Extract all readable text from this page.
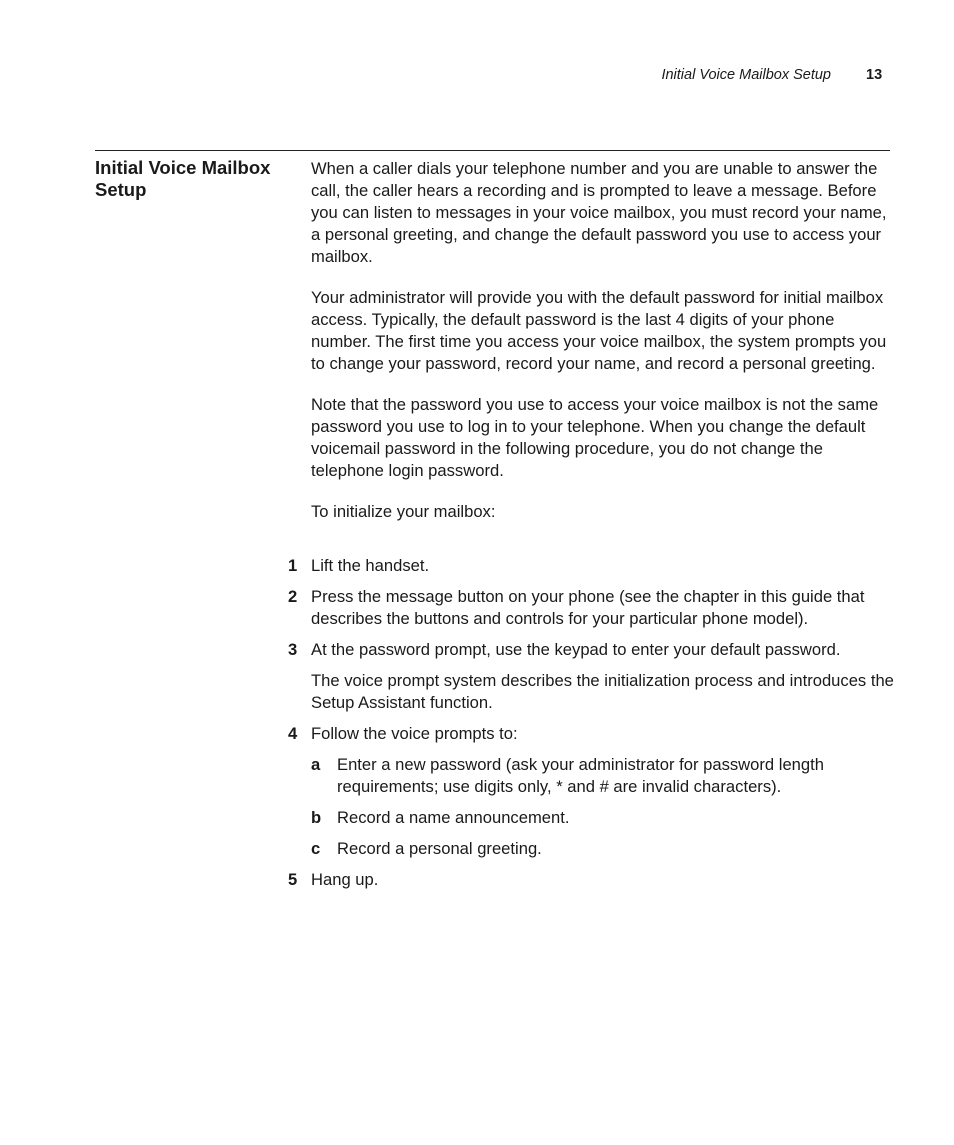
Initial Voice Mailbox Setup 13
Initial Voice Mailbox Setup

When a caller dials your telephone number and you are unable to answer the call, the caller hears a recording and is prompted to leave a message. Before you can listen to messages in your voice mailbox, you must record your name, a personal greeting, and change the default password you use to access your mailbox.

Your administrator will provide you with the default password for initial mailbox access. Typically, the default password is the last 4 digits of your phone number. The first time you access your voice mailbox, the system prompts you to change your password, record your name, and record a personal greeting.

Note that the password you use to access your voice mailbox is not the same password you use to log in to your telephone. When you change the default voicemail password in the following procedure, you do not change the telephone login password.

To initialize your mailbox:

1 Lift the handset.
2 Press the message button on your phone (see the chapter in this guide that describes the buttons and controls for your particular phone model).
3 At the password prompt, use the keypad to enter your default password.
The voice prompt system describes the initialization process and introduces the Setup Assistant function.
4 Follow the voice prompts to:
a Enter a new password (ask your administrator for password length requirements; use digits only, * and # are invalid characters).
b Record a name announcement.
c Record a personal greeting.
5 Hang up.
